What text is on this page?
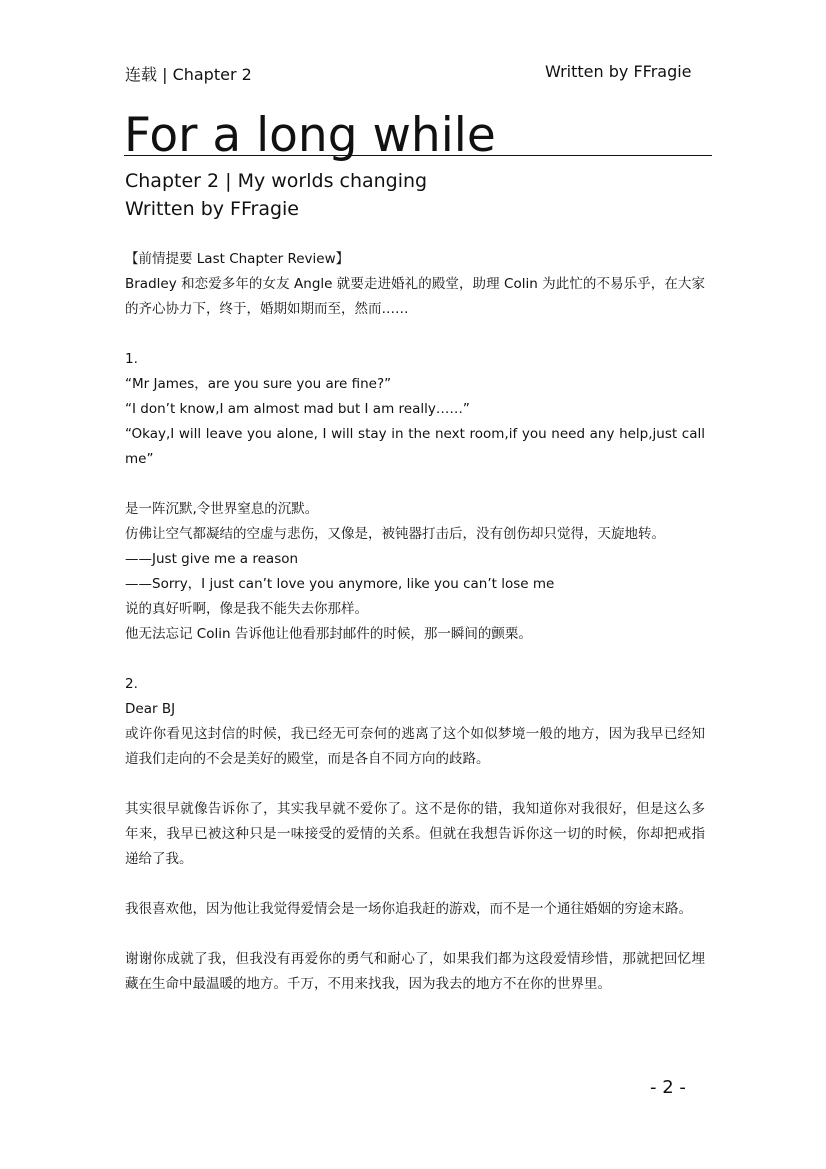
连载 | Chapter 2	Written by FFragie
For a long while
Chapter 2 | My worlds changing
Written by FFragie
【前情提要 Last Chapter Review】
Bradley 和恋爱多年的女友 Angle 就要走进婚礼的殿堂，助理 Colin 为此忙的不易乐乎，在大家的齐心协力下，终于，婚期如期而至，然而……
1.
“Mr James，are you sure you are fine?”
“I don’t know,I am almost mad but I am really……”
“Okay,I will leave you alone, I will stay in the next room,if you need any help,just call me”
是一阵沉默,令世界窒息的沉默。
仿佛让空气都凝结的空虚与悲伤，又像是，被钝器打击后，没有创伤却只觉得，天旋地转。
——Just give me a reason
——Sorry，I just can’t love you anymore, like you can’t lose me
说的真好听啊，像是我不能失去你那样。
他无法忘记 Colin 告诉他让他看那封邮件的时候，那一瞬间的颤栗。
2.
Dear BJ
或许你看见这封信的时候，我已经无可奈何的逃离了这个如似梦境一般的地方，因为我早已经知道我们走向的不会是美好的殿堂，而是各自不同方向的歧路。
其实很早就像告诉你了，其实我早就不爱你了。这不是你的错，我知道你对我很好，但是这么多年来，我早已被这种只是一味接受的爱情的关系。但就在我想告诉你这一切的时候，你却把戒指递给了我。
我很喜欢他，因为他让我觉得爱情会是一场你追我赶的游戏，而不是一个通往婚姻的穷途末路。
谢谢你成就了我，但我没有再爱你的勇气和耐心了，如果我们都为这段爱情珍惜，那就把回忆埋藏在生命中最温暖的地方。千万，不用来找我，因为我去的地方不在你的世界里。
- 2 -
